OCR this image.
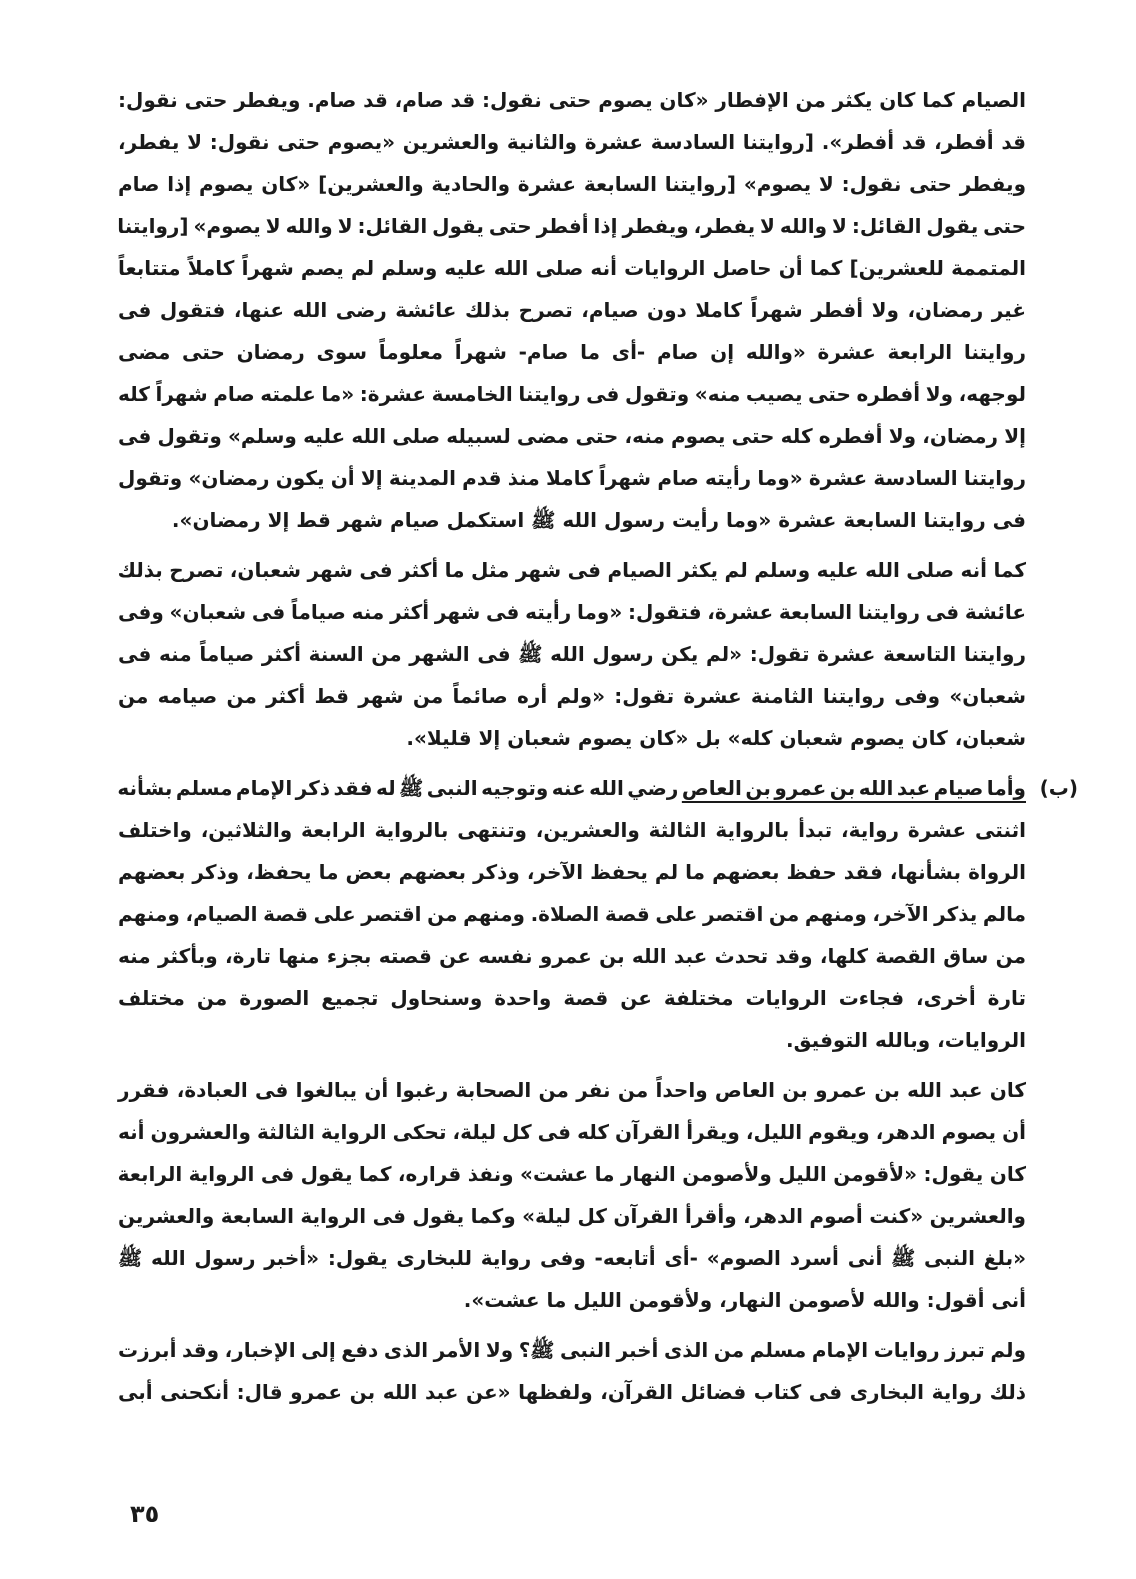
الصيام كما كان يكثر من الإفطار «كان يصوم حتى نقول: قد صام، قد صام. ويفطر حتى نقول:
قد أفطر، قد أفطر». [روايتنا السادسة عشرة والثانية والعشرين «يصوم حتى نقول: لا يفطر،
ويفطر حتى نقول: لا يصوم» [روايتنا السابعة عشرة والحادية والعشرين] «كان يصوم إذا صام
حتى يقول القائل: لا والله لا يفطر، ويفطر إذا أفطر حتى يقول القائل: لا والله لا يصوم» [روايتنا
المتممة للعشرين] كما أن حاصل الروايات أنه صلى الله عليه وسلم لم يصم شهراً كاملاً متتابعاً
غير رمضان، ولا أفطر شهراً كاملا دون صيام، تصرح بذلك عائشة رضى الله عنها، فتقول فى
روايتنا الرابعة عشرة «والله إن صام -أى ما صام- شهراً معلوماً سوى رمضان حتى مضى
لوجهه، ولا أفطره حتى يصيب منه» وتقول فى روايتنا الخامسة عشرة: «ما علمته صام شهراً كله
إلا رمضان، ولا أفطره كله حتى يصوم منه، حتى مضى لسبيله صلى الله عليه وسلم» وتقول فى
روايتنا السادسة عشرة «وما رأيته صام شهراً كاملا منذ قدم المدينة إلا أن يكون رمضان» وتقول
فى روايتنا السابعة عشرة «وما رأيت رسول الله ﷺ استكمل صيام شهر قط إلا رمضان».
كما أنه صلى الله عليه وسلم لم يكثر الصيام فى شهر مثل ما أكثر فى شهر شعبان، تصرح بذلك
عائشة فى روايتنا السابعة عشرة، فتقول: «وما رأيته فى شهر أكثر منه صياماً فى شعبان» وفى
روايتنا التاسعة عشرة تقول: «لم يكن رسول الله ﷺ فى الشهر من السنة أكثر صياماً منه فى
شعبان» وفى روايتنا الثامنة عشرة تقول: «ولم أره صائماً من شهر قط أكثر من صيامه من
شعبان، كان يصوم شعبان كله» بل «كان يصوم شعبان إلا قليلا».
(ب)
وأما صيام عبد الله بن عمرو بن العاص رضي الله عنه وتوجيه النبى ﷺ له فقد ذكر الإمام مسلم بشأنه
اثنتى عشرة رواية، تبدأ بالرواية الثالثة والعشرين، وتنتهى بالرواية الرابعة والثلاثين، واختلف
الرواة بشأنها، فقد حفظ بعضهم ما لم يحفظ الآخر، وذكر بعضهم بعض ما يحفظ، وذكر بعضهم
مالم يذكر الآخر، ومنهم من اقتصر على قصة الصلاة. ومنهم من اقتصر على قصة الصيام، ومنهم
من ساق القصة كلها، وقد تحدث عبد الله بن عمرو نفسه عن قصته بجزء منها تارة، وبأكثر منه
تارة أخرى، فجاءت الروايات مختلفة عن قصة واحدة وسنحاول تجميع الصورة من مختلف
الروايات، وبالله التوفيق.
كان عبد الله بن عمرو بن العاص واحداً من نفر من الصحابة رغبوا أن يبالغوا فى العبادة، فقرر
أن يصوم الدهر، ويقوم الليل، ويقرأ القرآن كله فى كل ليلة، تحكى الرواية الثالثة والعشرون أنه
كان يقول: «لأقومن الليل ولأصومن النهار ما عشت» ونفذ قراره، كما يقول فى الرواية الرابعة
والعشرين «كنت أصوم الدهر، وأقرأ القرآن كل ليلة» وكما يقول فى الرواية السابعة والعشرين
«بلغ النبى ﷺ أنى أسرد الصوم» -أى أتابعه- وفى رواية للبخارى يقول: «أخبر رسول الله ﷺ
أنى أقول: والله لأصومن النهار، ولأقومن الليل ما عشت».
ولم تبرز روايات الإمام مسلم من الذى أخبر النبى ﷺ؟ ولا الأمر الذى دفع إلى الإخبار، وقد أبرزت
ذلك رواية البخارى فى كتاب فضائل القرآن، ولفظها «عن عبد الله بن عمرو قال: أنكحنى أبى
٣٥
